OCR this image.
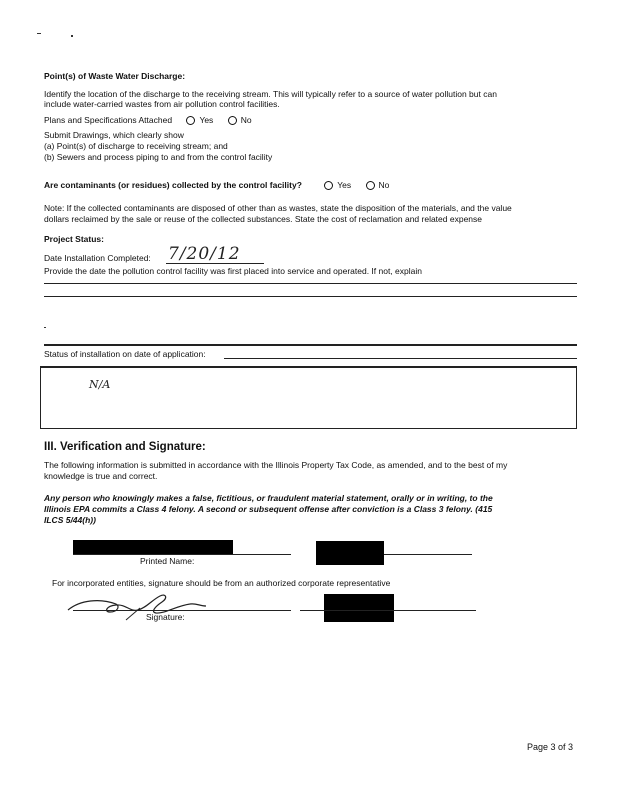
Point(s) of Waste Water Discharge:
Identify the location of the discharge to the receiving stream. This will typically refer to a source of water pollution but can
include water-carried wastes from air pollution control facilities.
Plans and Specifications Attached	Yes	No
Submit Drawings, which clearly show
(a) Point(s) of discharge to receiving stream; and
(b) Sewers and process piping to and from the control facility
Are contaminants (or residues) collected by the control facility?	Yes	No
Note: If the collected contaminants are disposed of other than as wastes, state the disposition of the materials, and the value
dollars reclaimed by the sale or reuse of the collected substances. State the cost of reclamation and related expense
Project Status:
Date Installation Completed: 7/20/12
Provide the date the pollution control facility was first placed into service and operated. If not, explain
Status of installation on date of application:
N/A
III. Verification and Signature:
The following information is submitted in accordance with the Illinois Property Tax Code, as amended, and to the best of my
knowledge is true and correct.
Any person who knowingly makes a false, fictitious, or fraudulent material statement, orally or in writing, to the
Illinois EPA commits a Class 4 felony. A second or subsequent offense after conviction is a Class 3 felony. (415
ILCS 5/44(h))
Printed Name:
For incorporated entities, signature should be from an authorized corporate representative
Signature:
Page 3 of 3
